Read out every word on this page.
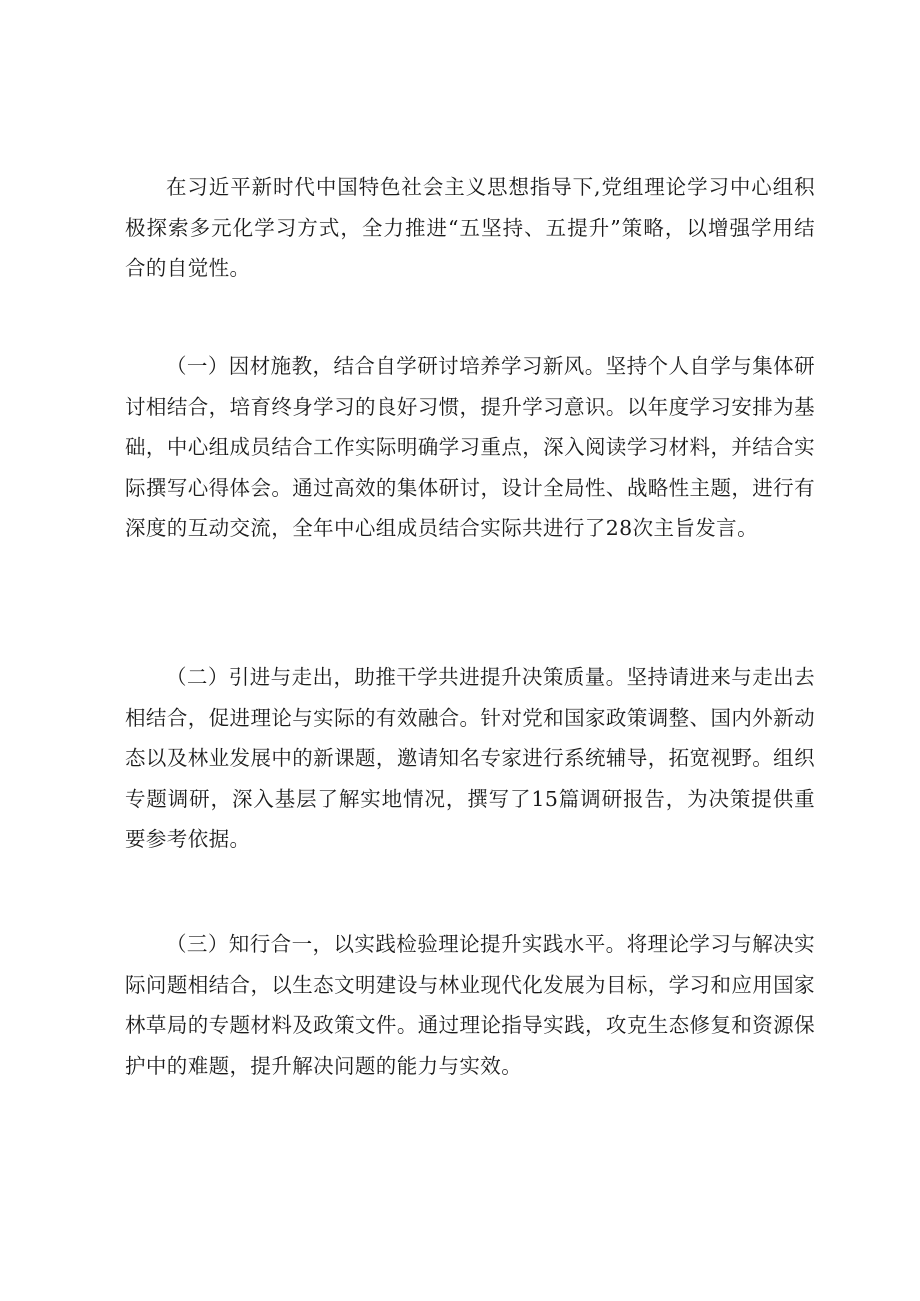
在习近平新时代中国特色社会主义思想指导下,党组理论学习中心组积极探索多元化学习方式，全力推进“五坚持、五提升”策略，以增强学用结合的自觉性。

（一）因材施教，结合自学研讨培养学习新风。坚持个人自学与集体研讨相结合，培育终身学习的良好习惯，提升学习意识。以年度学习安排为基础，中心组成员结合工作实际明确学习重点，深入阅读学习材料，并结合实际撰写心得体会。通过高效的集体研讨，设计全局性、战略性主题，进行有深度的互动交流，全年中心组成员结合实际共进行了28次主旨发言。

（二）引进与走出，助推干学共进提升决策质量。坚持请进来与走出去相结合，促进理论与实际的有效融合。针对党和国家政策调整、国内外新动态以及林业发展中的新课题，邀请知名专家进行系统辅导，拓宽视野。组织专题调研，深入基层了解实地情况，撰写了15篇调研报告，为决策提供重要参考依据。

（三）知行合一，以实践检验理论提升实践水平。将理论学习与解决实际问题相结合，以生态文明建设与林业现代化发展为目标，学习和应用国家林草局的专题材料及政策文件。通过理论指导实践，攻克生态修复和资源保护中的难题，提升解决问题的能力与实效。
